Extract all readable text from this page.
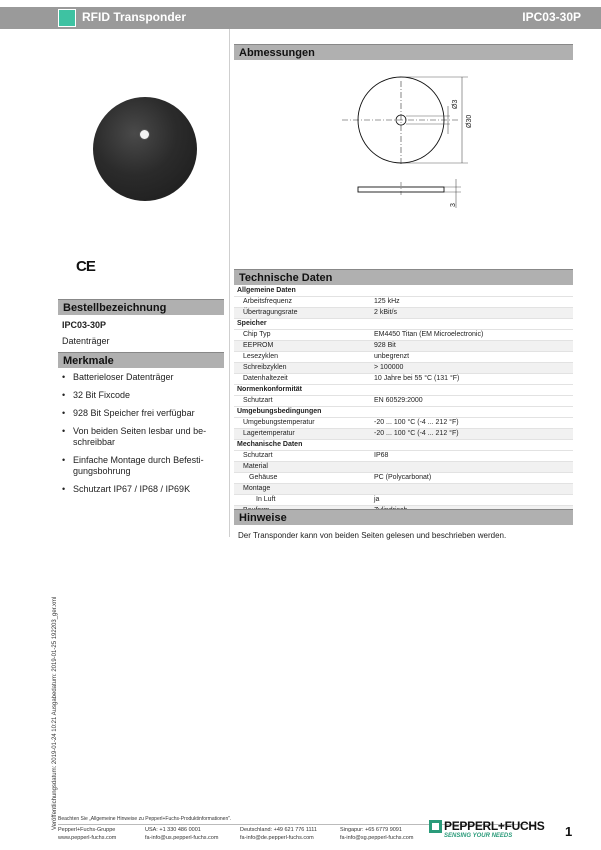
RFID Transponder	IPC03-30P
CE
Abmessungen
Ø3
Ø30
3
Bestellbezeichnung
IPC03-30P
Datenträger
Merkmale
• Batterieloser Datenträger
• 32 Bit Fixcode
• 928 Bit Speicher frei verfügbar
• Von beiden Seiten lesbar und be-
schreibbar
• Einfache Montage durch Befesti-
gungsbohrung
• Schutzart IP67 / IP68 / IP69K
Technische Daten
Allgemeine Daten	
Arbeitsfrequenz	125 kHz
Übertragungsrate	2 kBit/s
Speicher	
Chip Typ	EM4450 Titan (EM Microelectronic)
EEPROM	928 Bit
Lesezyklen	unbegrenzt
Schreibzyklen	> 100000
Datenhaltezeit	10 Jahre bei 55 °C (131 °F)
Normenkonformität	
Schutzart	EN 60529:2000
Umgebungsbedingungen	
Umgebungstemperatur	-20 ... 100 °C (-4 ... 212 °F)
Lagertemperatur	-20 ... 100 °C (-4 ... 212 °F)
Mechanische Daten	
Schutzart	IP68
Material	
Gehäuse	PC (Polycarbonat)
Montage	
In Luft	ja

Hinweise
Der Transponder kann von beiden Seiten gelesen und beschrieben werden.
Veröffentlichungsdatum: 2019-01-24 10:21 Ausgabedatum: 2019-01-25 192203_ger.xml Beachten Sie „Allgemeine Hinweise zu Pepperl+Fuchs-Produktinformationen".
Pepperl+Fuchs-Gruppe
www.pepperl-fuchs.com
USA: +1 330 486 0001
fa-info@us.pepperl-fuchs.com
Deutschland: +49 621 776 1111
fa-info@de.pepperl-fuchs.com
Singapur: +65 6779 9091
fa-info@sg.pepperl-fuchs.com
PEPPERL+FUCHS
SENSING YOUR NEEDS	1
